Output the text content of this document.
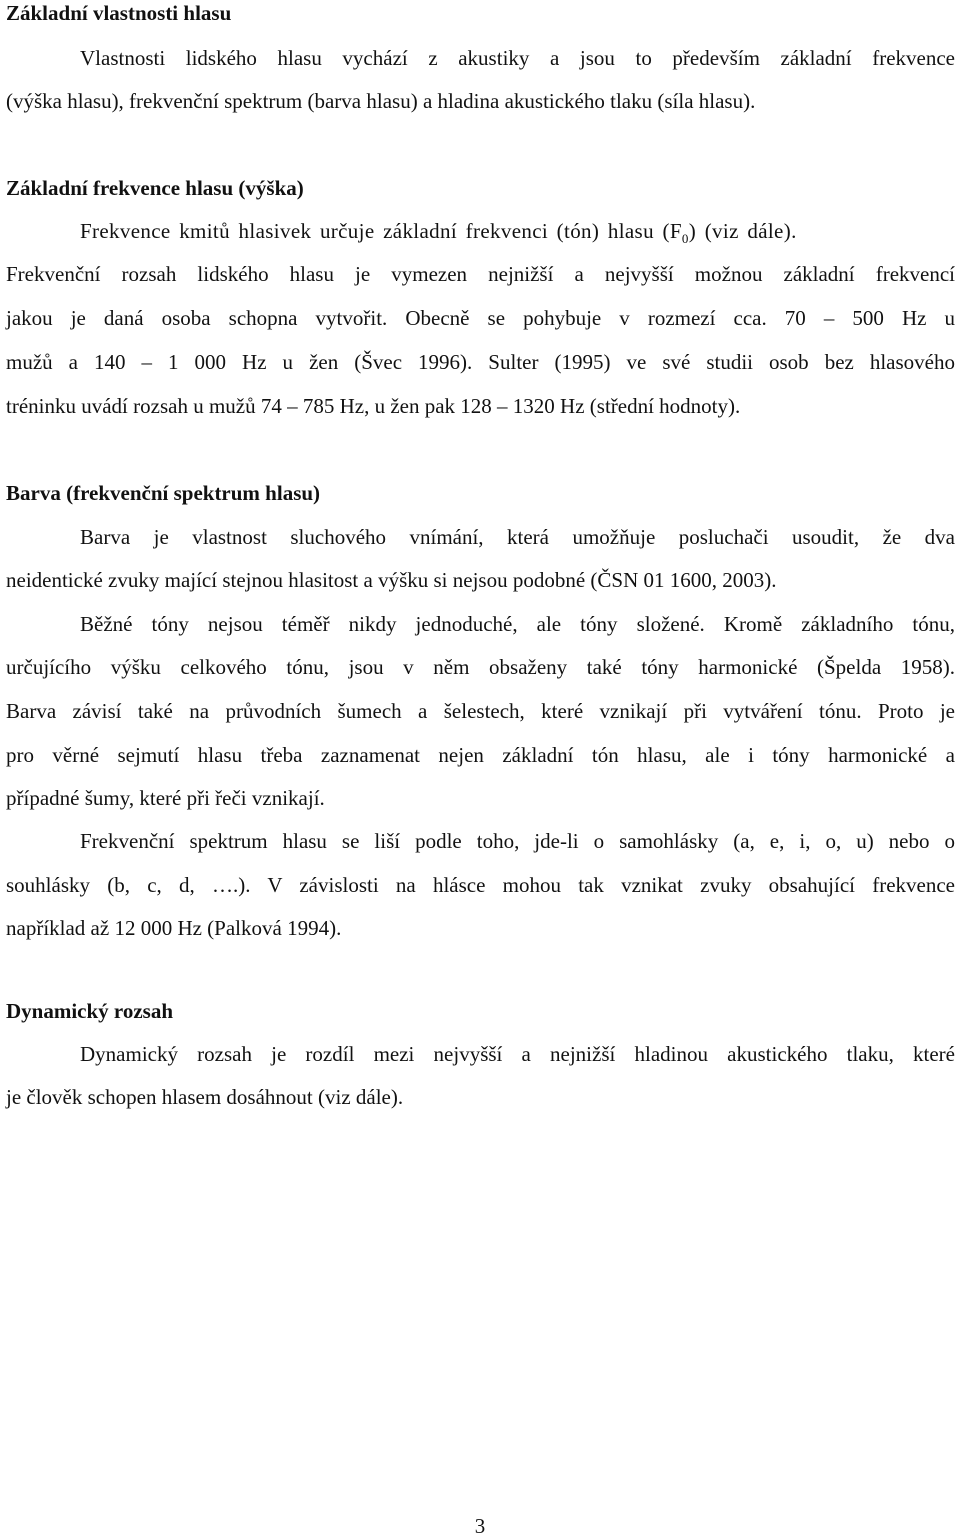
Základní vlastnosti hlasu

Vlastnosti lidského hlasu vychází z akustiky a jsou to především základní frekvence

(výška hlasu), frekvenční spektrum (barva hlasu) a hladina akustického tlaku (síla hlasu).

Základní frekvence hlasu (výška)

Frekvence kmitů hlasivek určuje základní frekvenci (tón) hlasu $(F_0)$ (viz dále).

Frekvenční rozsah lidského hlasu je vymezen nejnižší a nejvyšší možnou základní frekvencí

jakou je daná osoba schopna vytvořit. Obecně se pohybuje v rozmezí cca. 70 – 500 Hz u

mužů a 140 – 1 000 Hz u žen (Švec 1996). Sulter (1995) ve své studii osob bez hlasového

tréninku uvádí rozsah u mužů 74 – 785 Hz, u žen pak 128 – 1320 Hz (střední hodnoty).

Barva (frekvenční spektrum hlasu)

Barva je vlastnost sluchového vnímání, která umožňuje posluchači usoudit, že dva

neidentické zvuky mající stejnou hlasitost a výšku si nejsou podobné (ČSN 01 1600, 2003).

Běžné tóny nejsou téměř nikdy jednoduché, ale tóny složené. Kromě základního tónu,

určujícího výšku celkového tónu, jsou v něm obsaženy také tóny harmonické (Špelda 1958).

Barva závisí také na průvodních šumech a šelestech, které vznikají při vytváření tónu. Proto je

pro věrné sejmutí hlasu třeba zaznamenat nejen základní tón hlasu, ale i tóny harmonické a

případné šumy, které při řeči vznikají.

Frekvenční spektrum hlasu se liší podle toho, jde-li o samohlásky (a, e, i, o, u) nebo o

souhlásky (b, c, d, ….). V závislosti na hlásce mohou tak vznikat zvuky obsahující frekvence

například až 12 000 Hz (Palková 1994).

Dynamický rozsah

Dynamický rozsah je rozdíl mezi nejvyšší a nejnižší hladinou akustického tlaku, které

je člověk schopen hlasem dosáhnout (viz dále).

3
